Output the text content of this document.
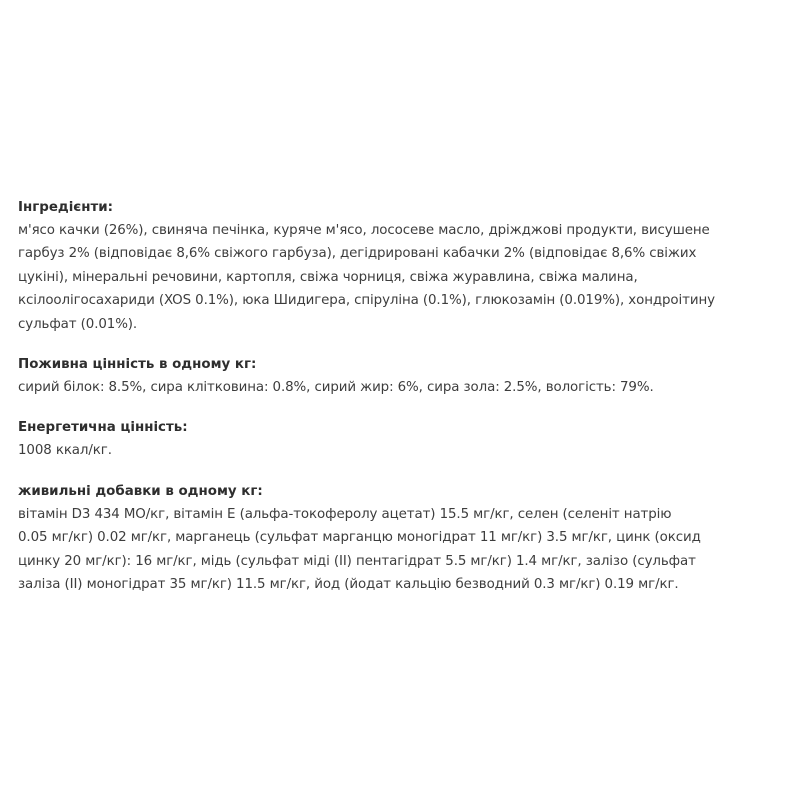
Інгредієнти:
м'ясо качки (26%), свиняча печінка, куряче м'ясо, лососеве масло, дріжджові продукти, висушене
гарбуз 2% (відповідає 8,6% свіжого гарбуза), дегідрировані кабачки 2% (відповідає 8,6% свіжих
цукіні), мінеральні речовини, картопля, свіжа чорниця, свіжа журавлина, свіжа малина,
ксілоолігосахариди (XOS 0.1%), юка Шидигера, спіруліна (0.1%), глюкозамін (0.019%), хондроітину
сульфат (0.01%).
Поживна цінність в одному кг:
сирий білок: 8.5%, сира клітковина: 0.8%, сирий жир: 6%, сира зола: 2.5%, вологість: 79%.
Енергетична цінність:
1008 ккал/кг.
живильні добавки в одному кг:
вітамін D3 434 МО/кг, вітамін Е (альфа-токоферолу ацетат) 15.5 мг/кг, селен (селеніт натрію
0.05 мг/кг) 0.02 мг/кг, марганець (сульфат марганцю моногідрат 11 мг/кг) 3.5 мг/кг, цинк (оксид
цинку 20 мг/кг): 16 мг/кг, мідь (сульфат міді (II) пентагідрат 5.5 мг/кг) 1.4 мг/кг, залізо (сульфат
заліза (II) моногідрат 35 мг/кг) 11.5 мг/кг, йод (йодат кальцію безводний 0.3 мг/кг) 0.19 мг/кг.
